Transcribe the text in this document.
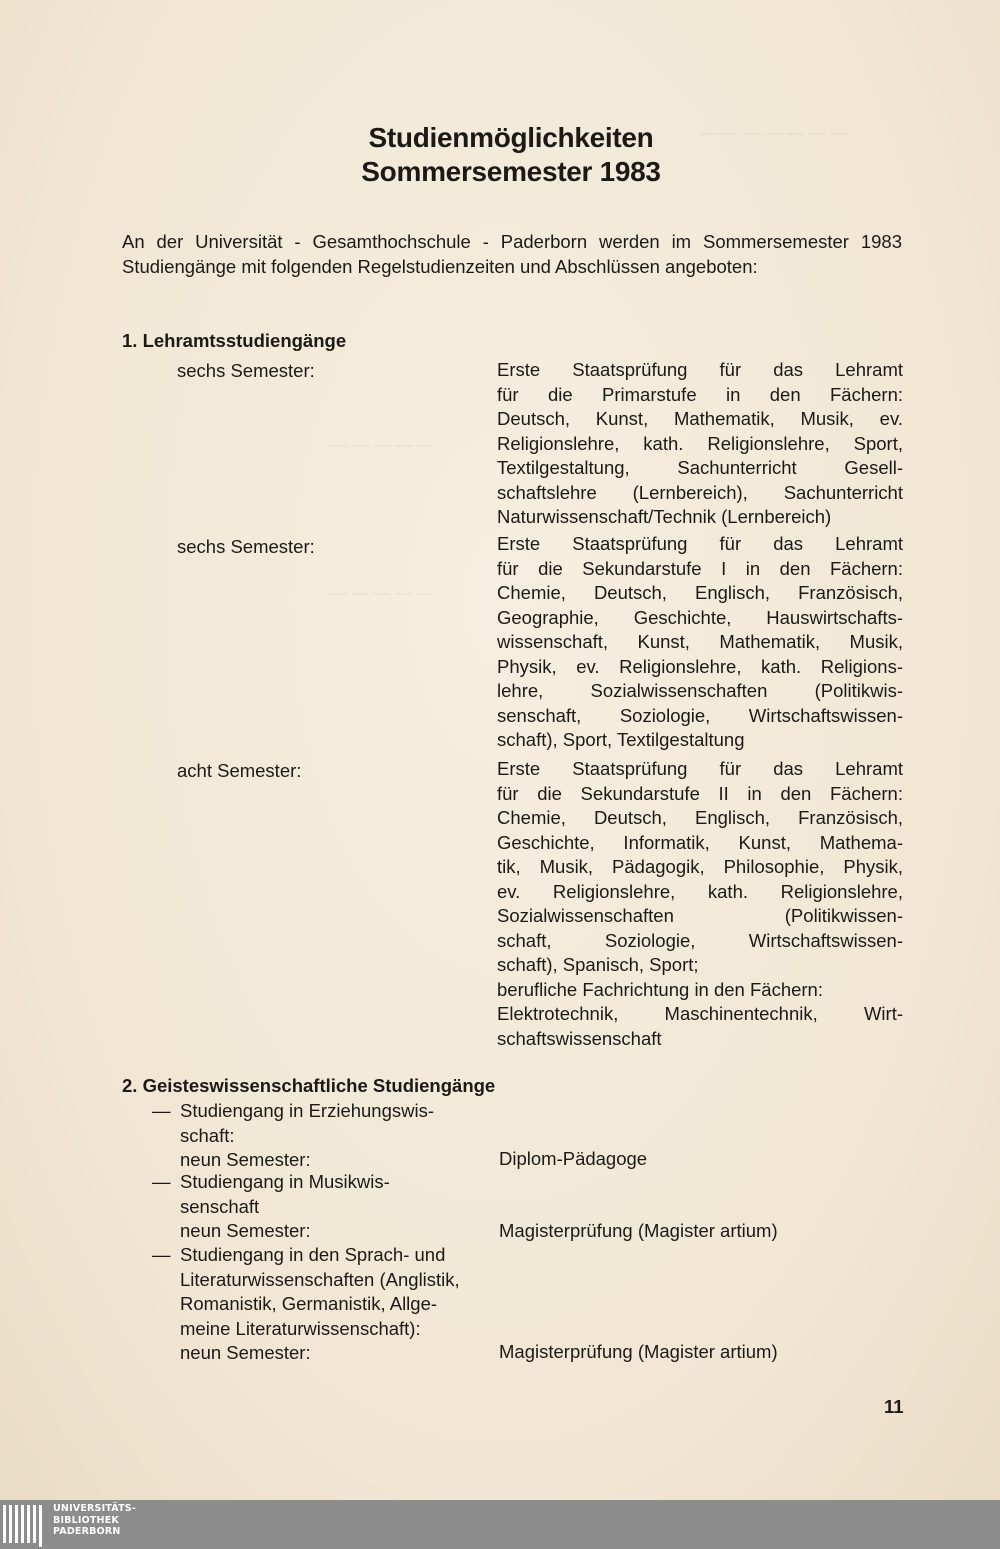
— — — — — — —
— — — — —
— — — — —
Studienmöglichkeiten
Sommersemester 1983
An der Universität - Gesamthochschule - Paderborn werden im Sommersemester 1983 Studiengänge mit folgenden Regelstudienzeiten und Abschlüssen angeboten:
1. Lehramtsstudiengänge
sechs Semester:	Erste Staatsprüfung für das Lehramt
für die Primarstufe in den Fächern:
Deutsch, Kunst, Mathematik, Musik, ev.
Religionslehre, kath. Religionslehre, Sport,
Textilgestaltung, Sachunterricht Gesell-
schaftslehre (Lernbereich), Sachunterricht
Naturwissenschaft/Technik (Lernbereich)
sechs Semester:	Erste Staatsprüfung für das Lehramt
für die Sekundarstufe I in den Fächern:
Chemie, Deutsch, Englisch, Französisch,
Geographie, Geschichte, Hauswirtschafts-
wissenschaft, Kunst, Mathematik, Musik,
Physik, ev. Religionslehre, kath. Religions-
lehre, Sozialwissenschaften (Politikwis-
senschaft, Soziologie, Wirtschaftswissen-
schaft), Sport, Textilgestaltung
acht Semester:	Erste Staatsprüfung für das Lehramt
für die Sekundarstufe II in den Fächern:
Chemie, Deutsch, Englisch, Französisch,
Geschichte, Informatik, Kunst, Mathema-
tik, Musik, Pädagogik, Philosophie, Physik,
ev. Religionslehre, kath. Religionslehre,
Sozialwissenschaften (Politikwissen-
schaft, Soziologie, Wirtschaftswissen-
schaft), Spanisch, Sport;
berufliche Fachrichtung in den Fächern:
Elektrotechnik, Maschinentechnik, Wirt-
schaftswissenschaft
2. Geisteswissenschaftliche Studiengänge
— Studiengang in Erziehungswis-
schaft:
neun Semester:	Diplom-Pädagoge
— Studiengang in Musikwis-
senschaft
neun Semester:	Magisterprüfung (Magister artium)
— Studiengang in den Sprach- und
Literaturwissenschaften (Anglistik,
Romanistik, Germanistik, Allge-
meine Literaturwissenschaft):
neun Semester:	Magisterprüfung (Magister artium)
11
UNIVERSITÄTS-
BIBLIOTHEK
PADERBORN
